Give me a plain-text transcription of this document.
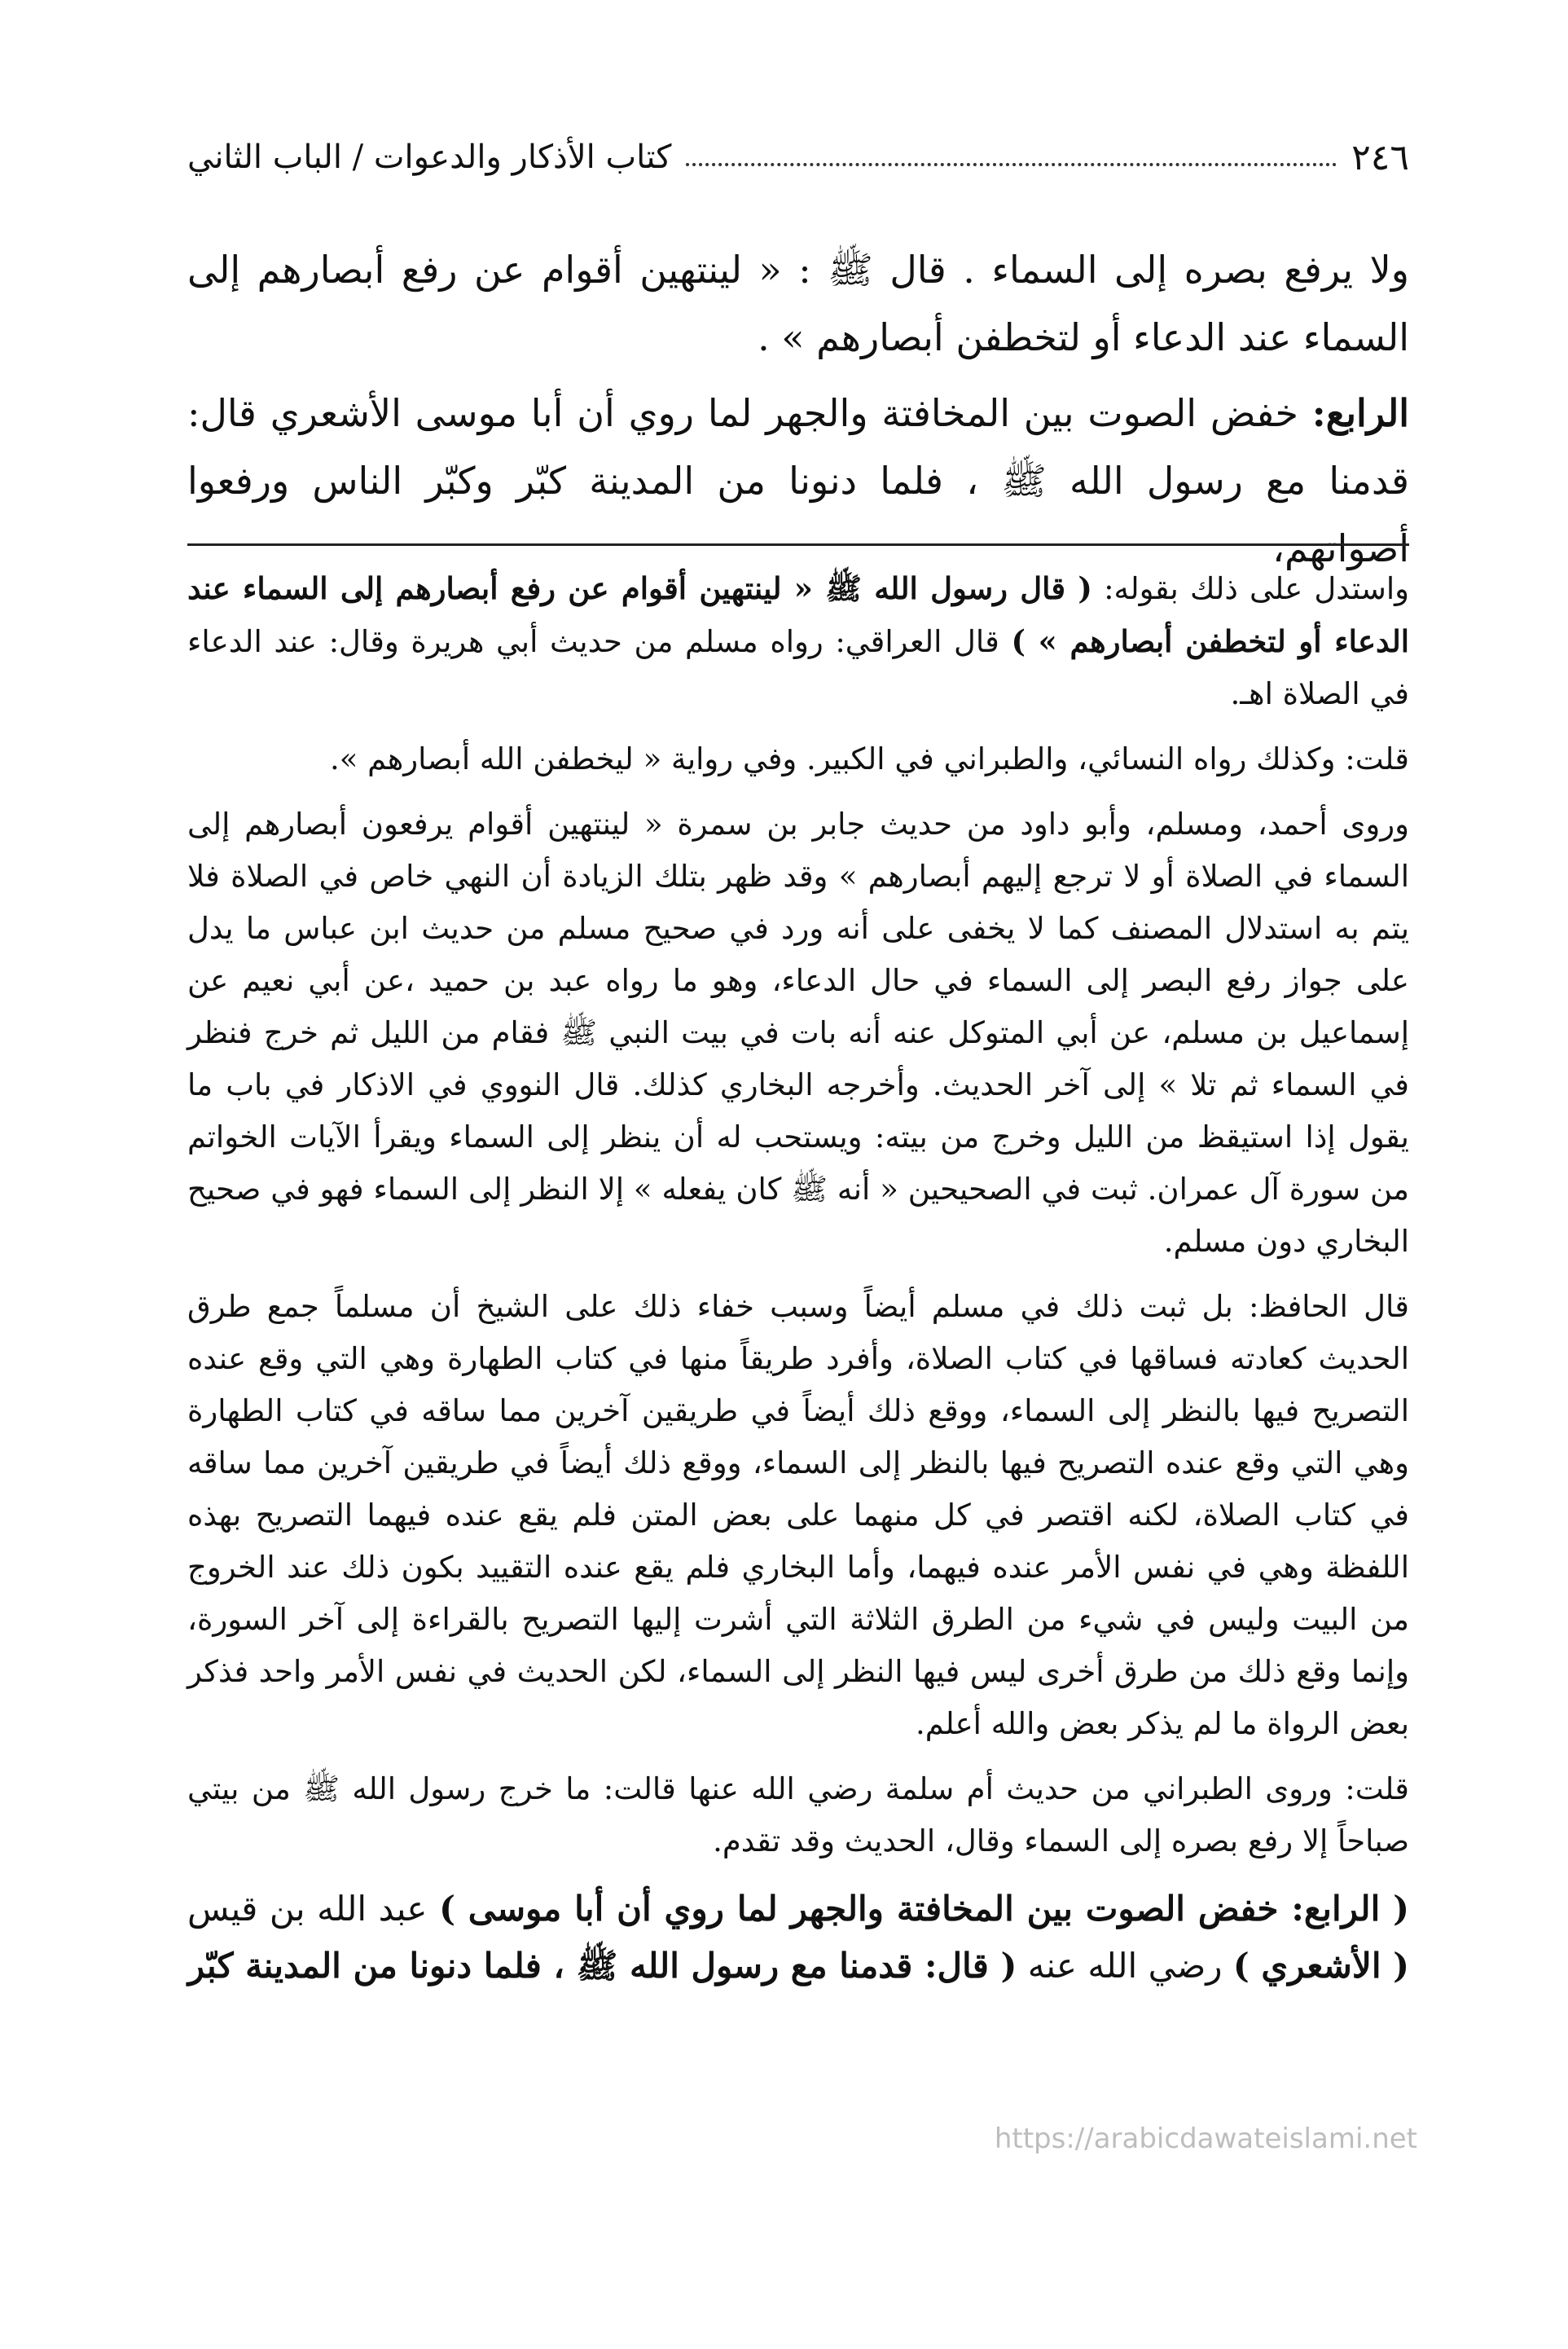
٢٤٦
كتاب الأذكار والدعوات / الباب الثاني

ولا يرفع بصره إلى السماء . قال ﷺ : « لينتهين أقوام عن رفع أبصارهم إلى السماء عند الدعاء أو لتخطفن أبصارهم » .

الرابع: خفض الصوت بين المخافتة والجهر لما روي أن أبا موسى الأشعري قال: قدمنا مع رسول الله ﷺ ، فلما دنونا من المدينة كبّر وكبّر الناس ورفعوا أصواتهم،

واستدل على ذلك بقوله: ( قال رسول الله ﷺ « لينتهين أقوام عن رفع أبصارهم إلى السماء عند الدعاء أو لتخطفن أبصارهم » ) قال العراقي: رواه مسلم من حديث أبي هريرة وقال: عند الدعاء في الصلاة اهـ.

قلت: وكذلك رواه النسائي، والطبراني في الكبير. وفي رواية « ليخطفن الله أبصارهم ».

وروى أحمد، ومسلم، وأبو داود من حديث جابر بن سمرة « لينتهين أقوام يرفعون أبصارهم إلى السماء في الصلاة أو لا ترجع إليهم أبصارهم » وقد ظهر بتلك الزيادة أن النهي خاص في الصلاة فلا يتم به استدلال المصنف كما لا يخفى على أنه ورد في صحيح مسلم من حديث ابن عباس ما يدل على جواز رفع البصر إلى السماء في حال الدعاء، وهو ما رواه عبد بن حميد ،عن أبي نعيم عن إسماعيل بن مسلم، عن أبي المتوكل عنه أنه بات في بيت النبي ﷺ فقام من الليل ثم خرج فنظر في السماء ثم تلا » إلى آخر الحديث. وأخرجه البخاري كذلك. قال النووي في الاذكار في باب ما يقول إذا استيقظ من الليل وخرج من بيته: ويستحب له أن ينظر إلى السماء ويقرأ الآيات الخواتم من سورة آل عمران. ثبت في الصحيحين « أنه ﷺ كان يفعله » إلا النظر إلى السماء فهو في صحيح البخاري دون مسلم.

قال الحافظ: بل ثبت ذلك في مسلم أيضاً وسبب خفاء ذلك على الشيخ أن مسلماً جمع طرق الحديث كعادته فساقها في كتاب الصلاة، وأفرد طريقاً منها في كتاب الطهارة وهي التي وقع عنده التصريح فيها بالنظر إلى السماء، ووقع ذلك أيضاً في طريقين آخرين مما ساقه في كتاب الطهارة وهي التي وقع عنده التصريح فيها بالنظر إلى السماء، ووقع ذلك أيضاً في طريقين آخرين مما ساقه في كتاب الصلاة، لكنه اقتصر في كل منهما على بعض المتن فلم يقع عنده فيهما التصريح بهذه اللفظة وهي في نفس الأمر عنده فيهما، وأما البخاري فلم يقع عنده التقييد بكون ذلك عند الخروج من البيت وليس في شيء من الطرق الثلاثة التي أشرت إليها التصريح بالقراءة إلى آخر السورة، وإنما وقع ذلك من طرق أخرى ليس فيها النظر إلى السماء، لكن الحديث في نفس الأمر واحد فذكر بعض الرواة ما لم يذكر بعض والله أعلم.

قلت: وروى الطبراني من حديث أم سلمة رضي الله عنها قالت: ما خرج رسول الله ﷺ من بيتي صباحاً إلا رفع بصره إلى السماء وقال، الحديث وقد تقدم.

( الرابع: خفض الصوت بين المخافتة والجهر لما روي أن أبا موسى ) عبد الله بن قيس ( الأشعري ) رضي الله عنه ( قال: قدمنا مع رسول الله ﷺ ، فلما دنونا من المدينة كبّر

https://arabicdawateislami.net
